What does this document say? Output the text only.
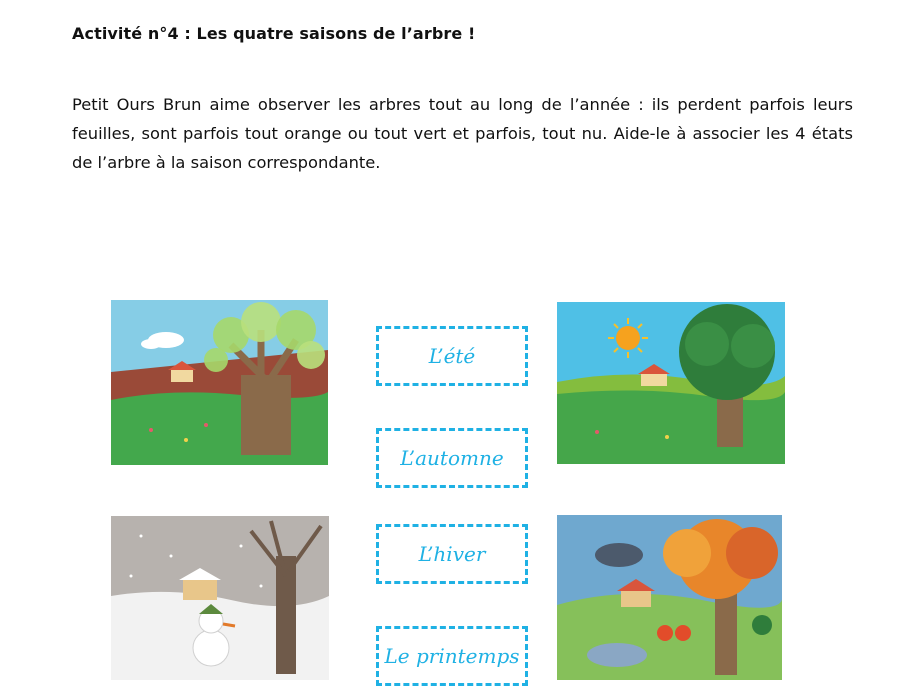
Activité n°4 : Les quatre saisons de l’arbre !
Petit Ours Brun aime observer les arbres tout au long de l’année : ils perdent parfois leurs feuilles, sont parfois tout orange ou tout vert et parfois, tout nu. Aide-le à associer les 4 états de l’arbre à la saison correspondante.
L’été
L’automne
L’hiver
Le printemps
